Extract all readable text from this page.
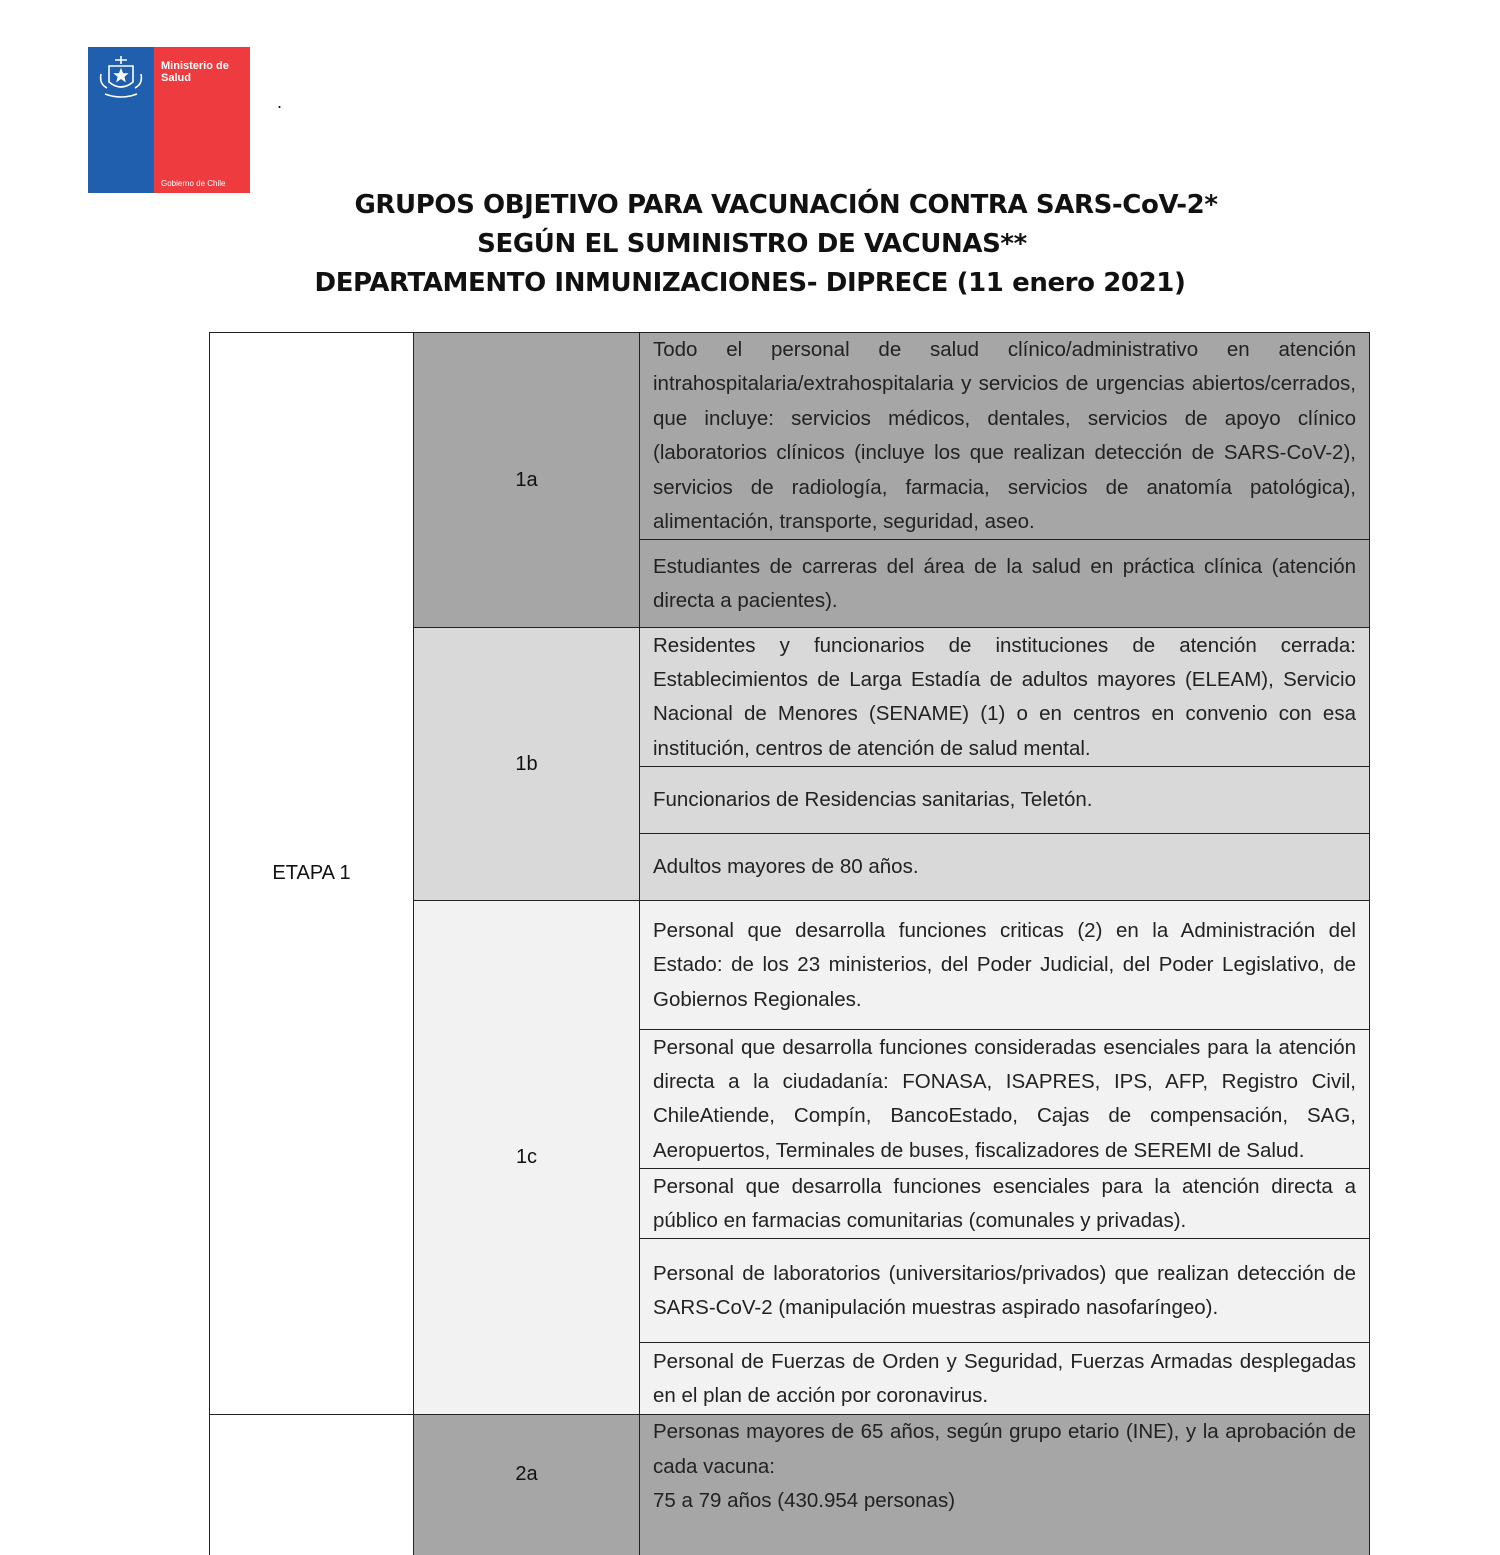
Ministerio de Salud
Gobierno de Chile
.
GRUPOS OBJETIVO PARA VACUNACIÓN CONTRA SARS-CoV-2*
SEGÚN EL SUMINISTRO DE VACUNAS**
DEPARTAMENTO INMUNIZACIONES- DIPRECE (11 enero 2021)
ETAPA 1	1a	Todo el personal de salud clínico/administrativo en atención intrahospitalaria/extrahospitalaria y servicios de urgencias abiertos/cerrados, que incluye: servicios médicos, dentales, servicios de apoyo clínico (laboratorios clínicos (incluye los que realizan detección de SARS-CoV-2), servicios de radiología, farmacia, servicios de anatomía patológica), alimentación, transporte, seguridad, aseo.
		Estudiantes de carreras del área de la salud en práctica clínica (atención directa a pacientes).
	1b	Residentes y funcionarios de instituciones de atención cerrada: Establecimientos de Larga Estadía de adultos mayores (ELEAM), Servicio Nacional de Menores (SENAME) (1) o en centros en convenio con esa institución, centros de atención de salud mental.
		Funcionarios de Residencias sanitarias, Teletón.
		Adultos mayores de 80 años.
	1c	Personal que desarrolla funciones criticas (2) en la Administración del Estado: de los 23 ministerios, del Poder Judicial, del Poder Legislativo, de Gobiernos Regionales.
		Personal que desarrolla funciones consideradas esenciales para la atención directa a la ciudadanía: FONASA, ISAPRES, IPS, AFP, Registro Civil, ChileAtiende, Compín, BancoEstado, Cajas de compensación, SAG, Aeropuertos, Terminales de buses, fiscalizadores de SEREMI de Salud.
		Personal que desarrolla funciones esenciales para la atención directa a público en farmacias comunitarias (comunales y privadas).
		Personal de laboratorios (universitarios/privados) que realizan detección de SARS-CoV-2 (manipulación muestras aspirado nasofaríngeo).
		Personal de Fuerzas de Orden y Seguridad, Fuerzas Armadas desplegadas en el plan de acción por coronavirus.
	2a	Personas mayores de 65 años, según grupo etario (INE), y la aprobación de cada vacuna:
75 a 79 años (430.954 personas)
